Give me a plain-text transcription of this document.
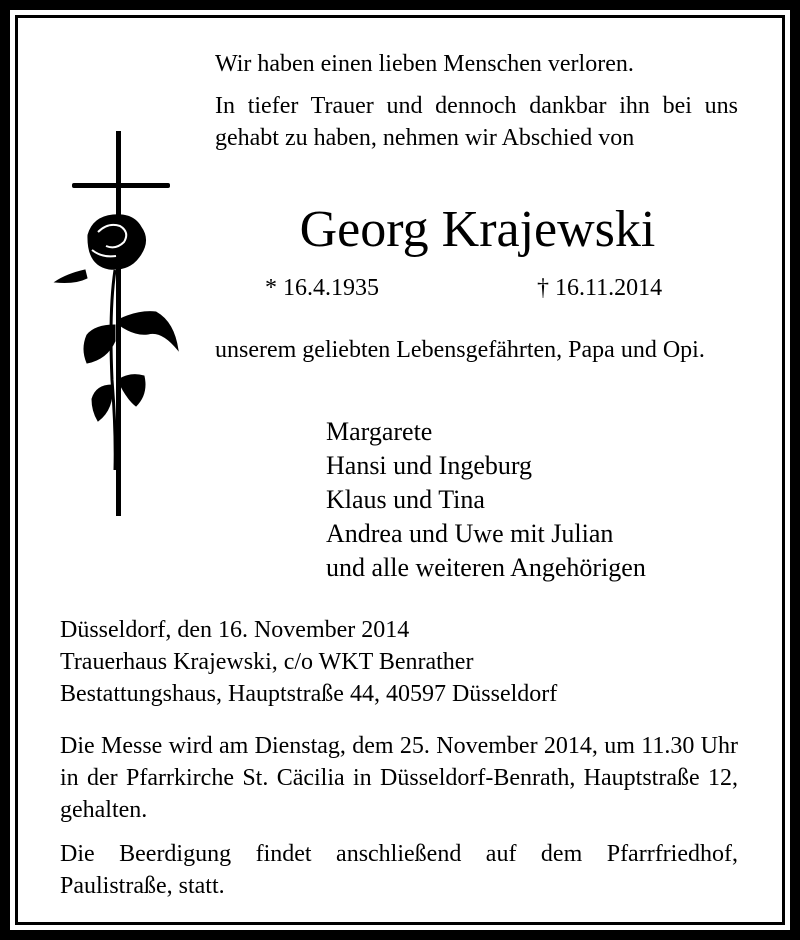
Wir haben einen lieben Menschen verloren.
In tiefer Trauer und dennoch dankbar ihn bei uns gehabt zu haben, nehmen wir Abschied von
Georg Krajewski
* 16.4.1935	† 16.11.2014
unserem geliebten Lebensgefährten, Papa und Opi.
Margarete
Hansi und Ingeburg
Klaus und Tina
Andrea und Uwe mit Julian
und alle weiteren Angehörigen
Düsseldorf, den 16. November 2014
Trauerhaus Krajewski, c/o WKT Benrather
Bestattungshaus, Hauptstraße 44, 40597 Düsseldorf
Die Messe wird am Dienstag, dem 25. November 2014, um 11.30 Uhr in der Pfarrkirche St. Cäcilia in Düsseldorf-Benrath, Hauptstraße 12, gehalten.
Die Beerdigung findet anschließend auf dem Pfarrfriedhof, Paulistraße, statt.
